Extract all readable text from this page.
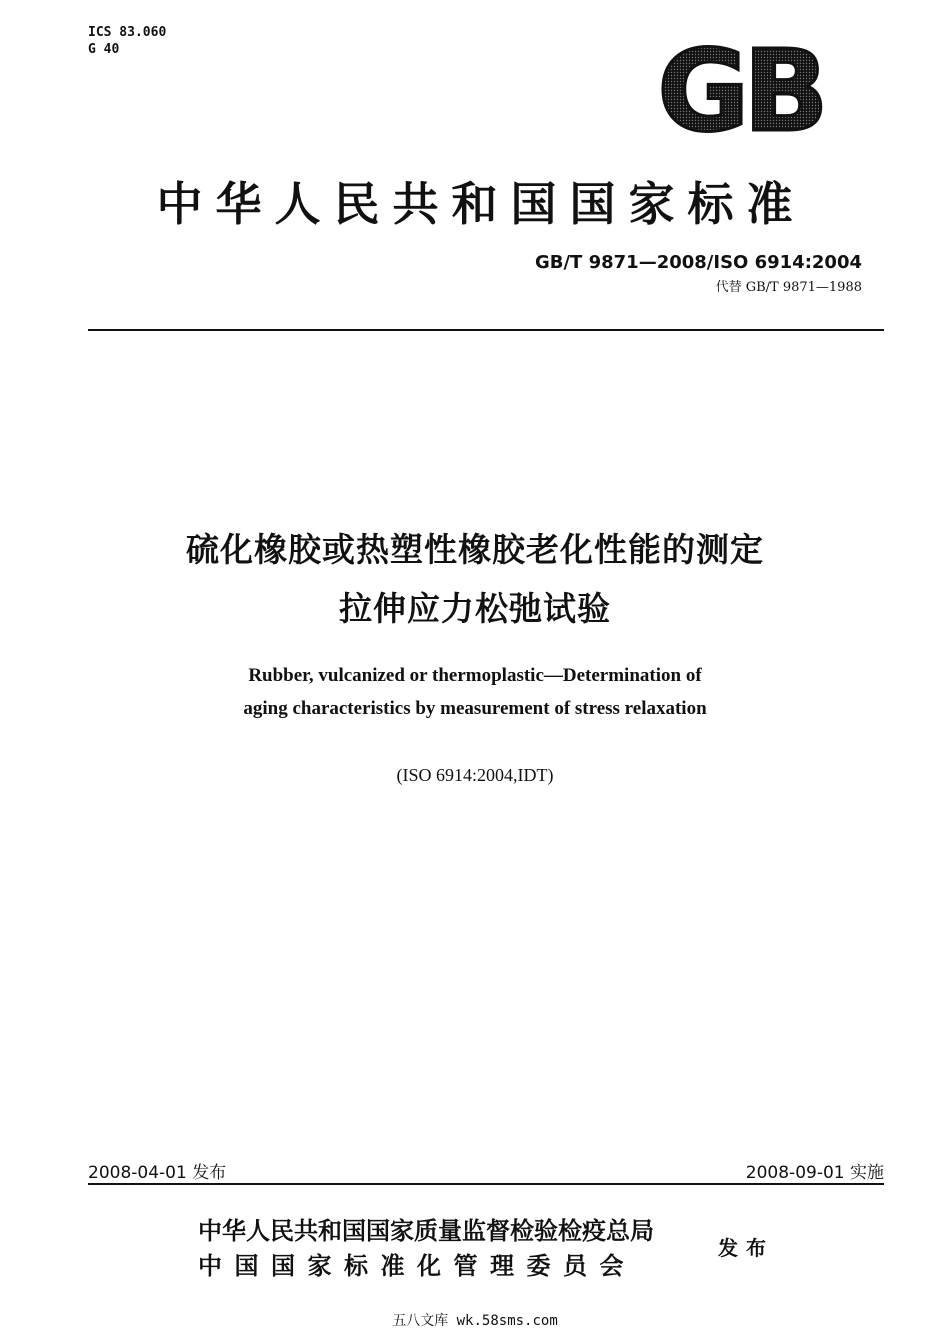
ICS 83.060
G 40	GB
中华人民共和国国家标准
GB/T 9871—2008/ISO 6914:2004
代替 GB/T 9871—1988
硫化橡胶或热塑性橡胶老化性能的测定
拉伸应力松弛试验
Rubber, vulcanized or thermoplastic—Determination of
aging characteristics by measurement of stress relaxation
(ISO 6914:2004,IDT)
2008-04-01 发布	2008-09-01 实施
中华人民共和国国家质量监督检验检疫总局
中国国家标准化管理委员会
发布
五八文库 wk.58sms.com
